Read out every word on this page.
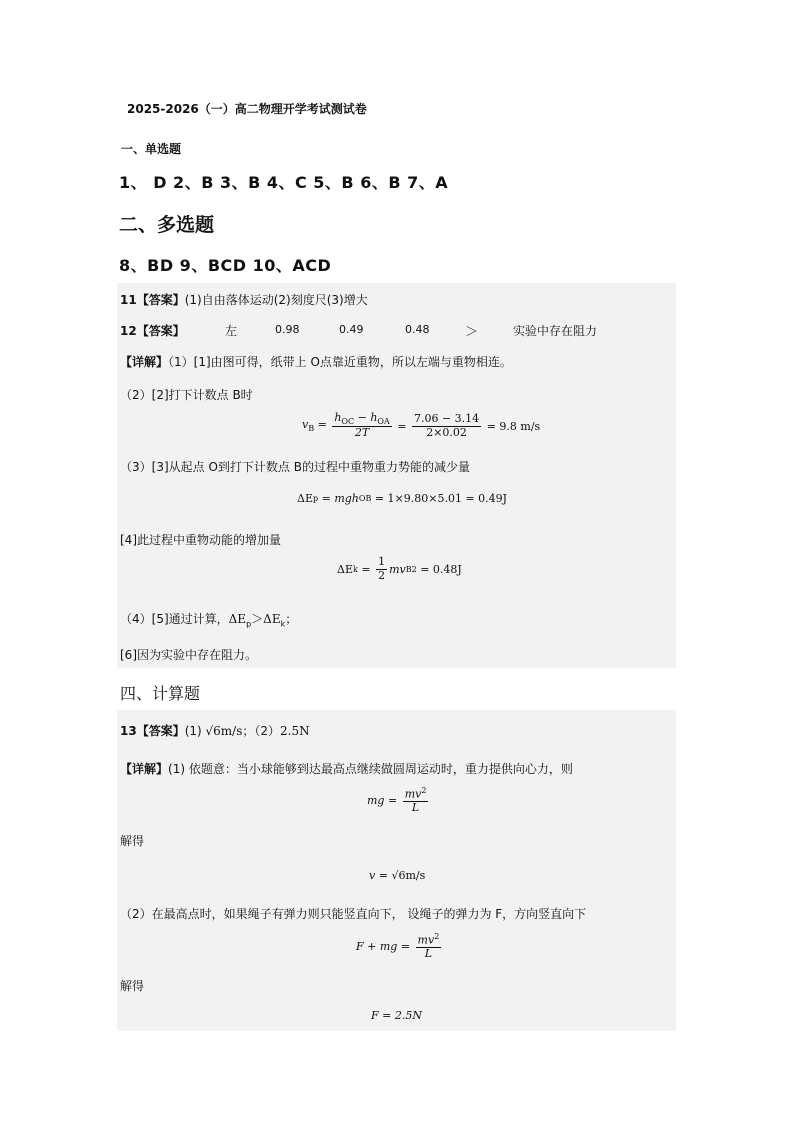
2025-2026（一）高二物理开学考试测试卷
一、单选题
1、 D 2、B 3、B 4、C 5、B 6、B 7、A
二、多选题
8、BD 9、BCD 10、ACD
11【答案】(1)自由落体运动(2)刻度尺(3)增大
12【答案】	左	0.98	0.49	0.48	＞	实验中存在阻力
【详解】（1）[1]由图可得，纸带上 O点靠近重物，所以左端与重物相连。
（2）[2]打下计数点 B时
$v_B = \frac{h_{OC} - h_{OA}}{2T} = \frac{7.06 - 3.14}{2\times 0.02}$
= 9.8 m/s
（3）[3]从起点 O到打下计数点 B的过程中重物重力势能的减少量
ΔE p
= mgh OB
= 1×9.80×5.01 = 0.49J
[4]此过程中重物动能的增加量
ΔE $k = \frac{1}{2}$ mv B 2
= 0.48J
（4）[5]通过计算，$\Delta E_p>\Delta E_k$；
[6]因为实验中存在阻力。
四、计算题
13【答案】(1) √6m/s；（2）2.5N
【详解】(1) 依题意：当小球能够到达最高点继续做圆周运动时，重力提供向心力，则
mg =
$\frac{mv^2}{L}$
解得
v =
√6 m/s
（2）在最高点时，如果绳子有弹力则只能竖直向下， 设绳子的弹力为 F，方向竖直向下
F + mg =
$\frac{mv^2}{L}$
解得
F = 2.5N
